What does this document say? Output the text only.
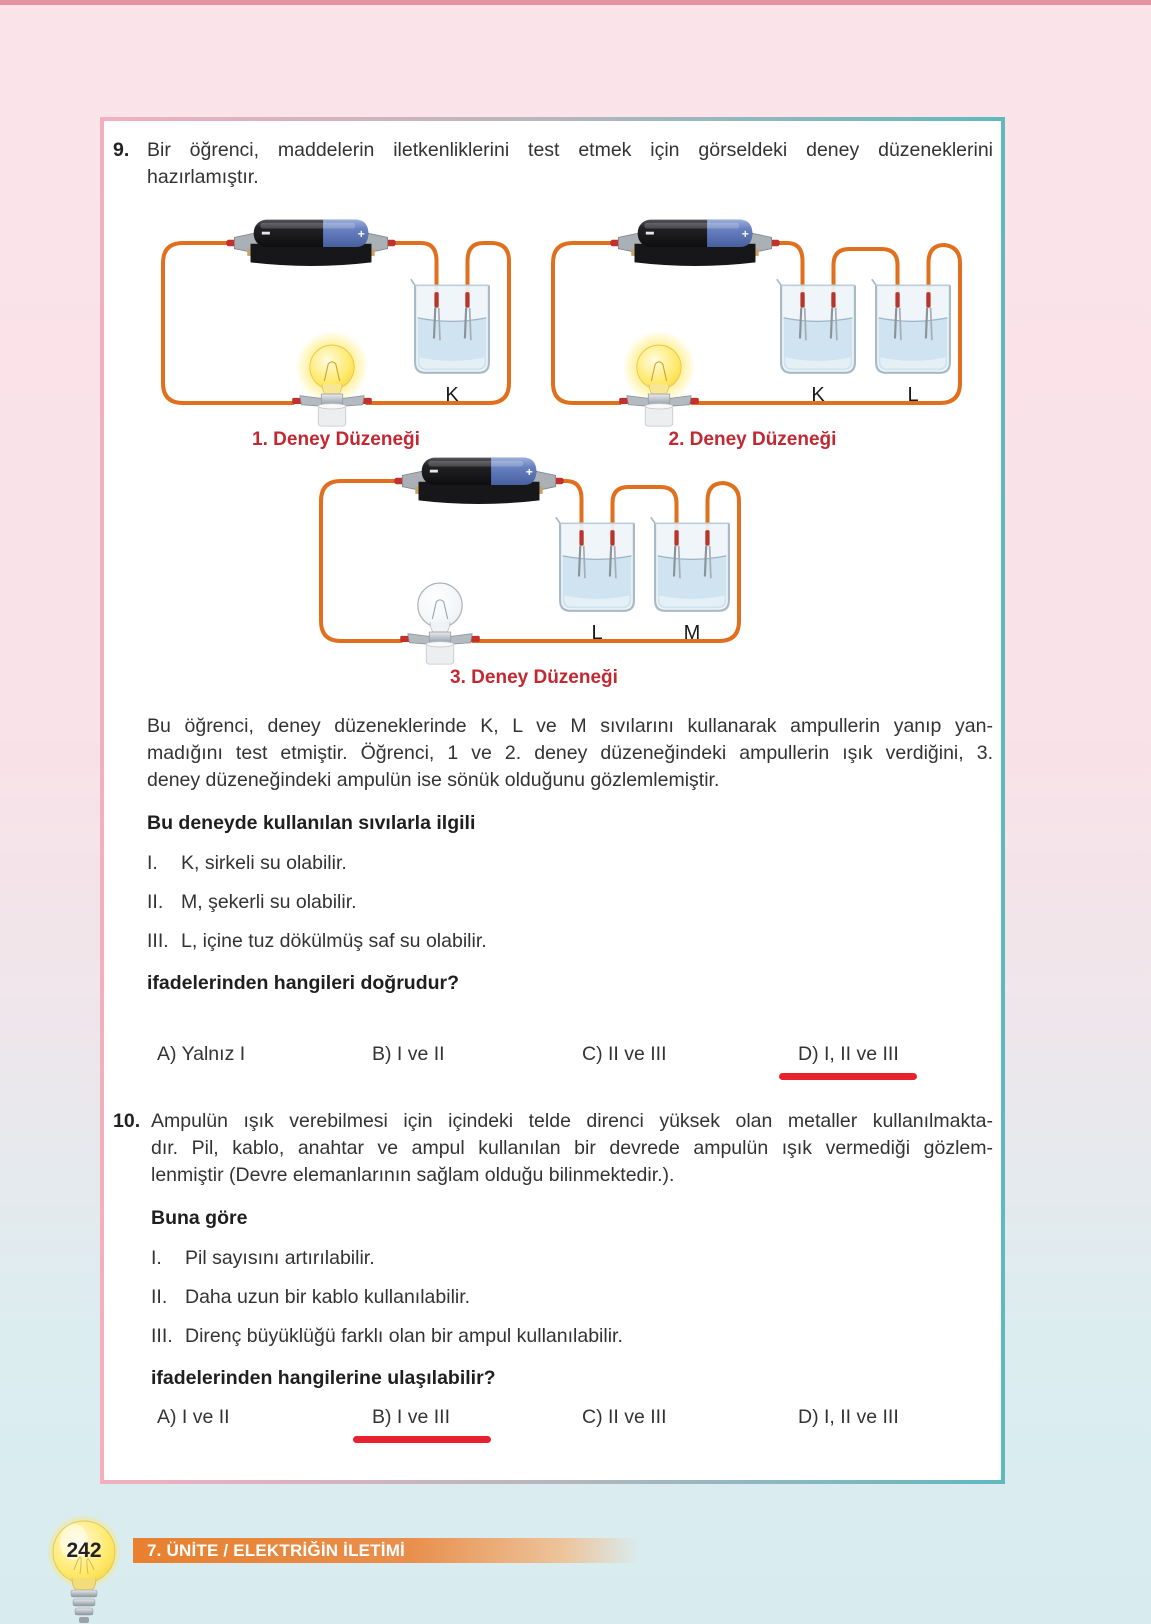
9. Bir öğrenci, maddelerin iletkenliklerini test etmek için görseldeki deney düzeneklerini
hazırlamıştır.
K
1. Deney Düzeneği
K	L
2. Deney Düzeneği
L	M
3. Deney Düzeneği
Bu öğrenci, deney düzeneklerinde K, L ve M sıvılarını kullanarak ampullerin yanıp yan-
madığını test etmiştir. Öğrenci, 1 ve 2. deney düzeneğindeki ampullerin ışık verdiğini, 3.
deney düzeneğindeki ampulün ise sönük olduğunu gözlemlemiştir.
Bu deneyde kullanılan sıvılarla ilgili
I.	K, sirkeli su olabilir.
II. M, şekerli su olabilir.
III. L, içine tuz dökülmüş saf su olabilir.
ifadelerinden hangileri doğrudur?
A) Yalnız I	B) I ve II	C) II ve III	D) I, II ve III
10. Ampulün ışık verebilmesi için içindeki telde direnci yüksek olan metaller kullanılmakta-
dır. Pil, kablo, anahtar ve ampul kullanılan bir devrede ampulün ışık vermediği gözlem-
lenmiştir (Devre elemanlarının sağlam olduğu bilinmektedir.).
Buna göre
I.	Pil sayısını artırılabilir.
II. Daha uzun bir kablo kullanılabilir.
III. Direnç büyüklüğü farklı olan bir ampul kullanılabilir.
ifadelerinden hangilerine ulaşılabilir?
A) I ve II	B) I ve III	C) II ve III	D) I, II ve III
242	7. ÜNİTE / ELEKTRİĞİN İLETİMİ
